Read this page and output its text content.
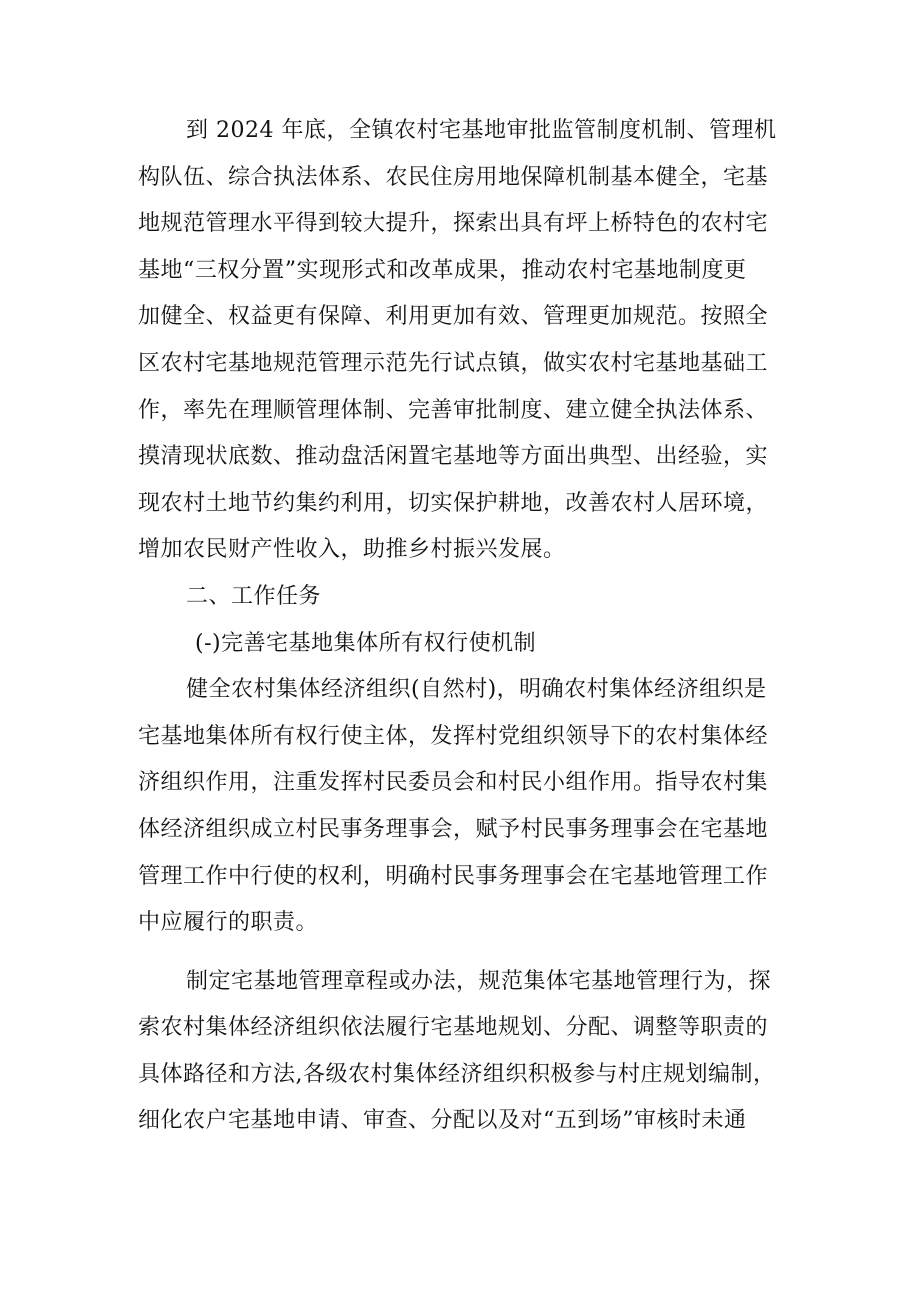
到 2024 年底，全镇农村宅基地审批监管制度机制、管理机
构队伍、综合执法体系、农民住房用地保障机制基本健全，宅基
地规范管理水平得到较大提升，探索出具有坪上桥特色的农村宅
基地“三权分置”实现形式和改革成果，推动农村宅基地制度更
加健全、权益更有保障、利用更加有效、管理更加规范。按照全
区农村宅基地规范管理示范先行试点镇，做实农村宅基地基础工
作，率先在理顺管理体制、完善审批制度、建立健全执法体系、
摸清现状底数、推动盘活闲置宅基地等方面出典型、出经验，实
现农村土地节约集约利用，切实保护耕地，改善农村人居环境，
增加农民财产性收入，助推乡村振兴发展。
二、工作任务
(-)完善宅基地集体所有权行使机制
健全农村集体经济组织(自然村)，明确农村集体经济组织是
宅基地集体所有权行使主体，发挥村党组织领导下的农村集体经
济组织作用，注重发挥村民委员会和村民小组作用。指导农村集
体经济组织成立村民事务理事会，赋予村民事务理事会在宅基地
管理工作中行使的权利，明确村民事务理事会在宅基地管理工作
中应履行的职责。
制定宅基地管理章程或办法，规范集体宅基地管理行为，探
索农村集体经济组织依法履行宅基地规划、分配、调整等职责的
具体路径和方法,各级农村集体经济组织积极参与村庄规划编制，
细化农户宅基地申请、审查、分配以及对“五到场”审核时未通
